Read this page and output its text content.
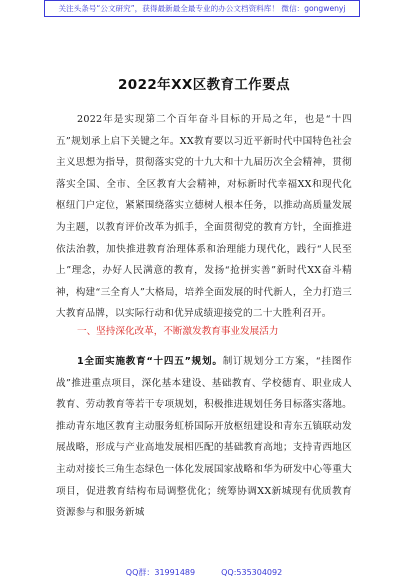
关注头条号“公文研究”，获得最新最全最专业的办公文档资料库！ 微信：gongwenyj
2022年XX区教育工作要点

2022年是实现第二个百年奋斗目标的开局之年，也是“十四五”规划承上启下关键之年。XX教育要以习近平新时代中国特色社会主义思想为指导，贯彻落实党的十九大和十九届历次全会精神，贯彻落实全国、全市、全区教育大会精神，对标新时代幸福XX和现代化枢纽门户定位，紧紧围绕落实立德树人根本任务，以推动高质量发展为主题，以教育评价改革为抓手，全面贯彻党的教育方针，全面推进依法治教，加快推进教育治理体系和治理能力现代化，践行“人民至上”理念，办好人民满意的教育，发扬“抢拼实善”新时代XX奋斗精神，构建“三全育人”大格局，培养全面发展的时代新人，全力打造三大教育品牌，以实际行动和优异成绩迎接党的二十大胜利召开。

一、坚持深化改革，不断激发教育事业发展活力

1全面实施教育“十四五”规划。制订规划分工方案，“挂图作战”推进重点项目，深化基本建设、基础教育、学校德育、职业成人教育、劳动教育等若干专项规划，积极推进规划任务目标落实落地。推动青东地区教育主动服务虹桥国际开放枢纽建设和青东五镇联动发展战略，形成与产业高地发展相匹配的基础教育高地；支持青西地区主动对接长三角生态绿色一体化发展国家战略和华为研发中心等重大项目，促进教育结构布局调整优化；统筹协调XX新城现有优质教育资源参与和服务新城

QQ群：31991489	QQ:535304092
